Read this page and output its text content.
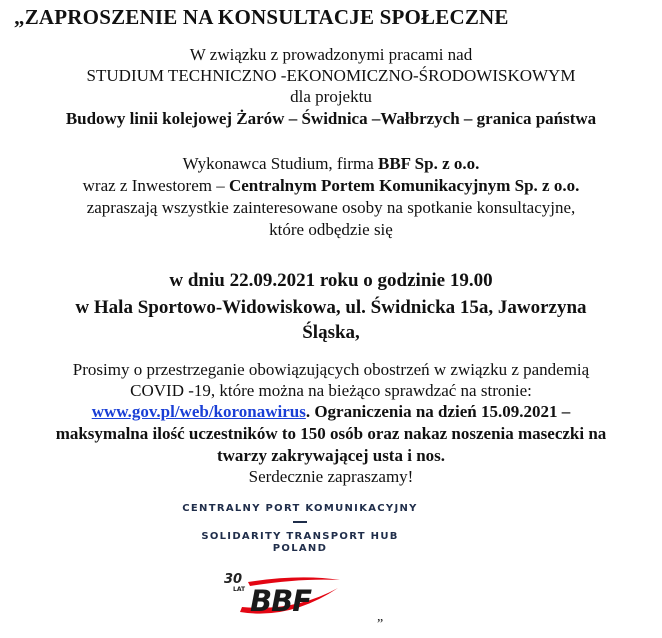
„ZAPROSZENIE NA KONSULTACJE SPOŁECZNE
W związku z prowadzonymi pracami nad
STUDIUM TECHNICZNO -EKONOMICZNO-ŚRODOWISKOWYM
dla projektu
Budowy linii kolejowej Żarów – Świdnica –Wałbrzych – granica państwa
Wykonawca Studium, firma BBF Sp. z o.o.
wraz z Inwestorem – Centralnym Portem Komunikacyjnym Sp. z o.o.
zapraszają wszystkie zainteresowane osoby na spotkanie konsultacyjne,
które odbędzie się
w dniu 22.09.2021 roku o godzinie 19.00
w Hala Sportowo-Widowiskowa, ul. Świdnicka 15a, Jaworzyna
Śląska,
Prosimy o przestrzeganie obowiązujących obostrzeń w związku z pandemią
COVID -19, które można na bieżąco sprawdzać na stronie:
www.gov.pl/web/koronawirus. Ograniczenia na dzień 15.09.2021 –
maksymalna ilość uczestników to 150 osób oraz nakaz noszenia maseczki na
twarzy zakrywającej usta i nos.
Serdecznie zapraszamy!
CENTRALNY PORT KOMUNIKACYJNY
SOLIDARITY TRANSPORT HUB
POLAND
30
LAT BBF
”
